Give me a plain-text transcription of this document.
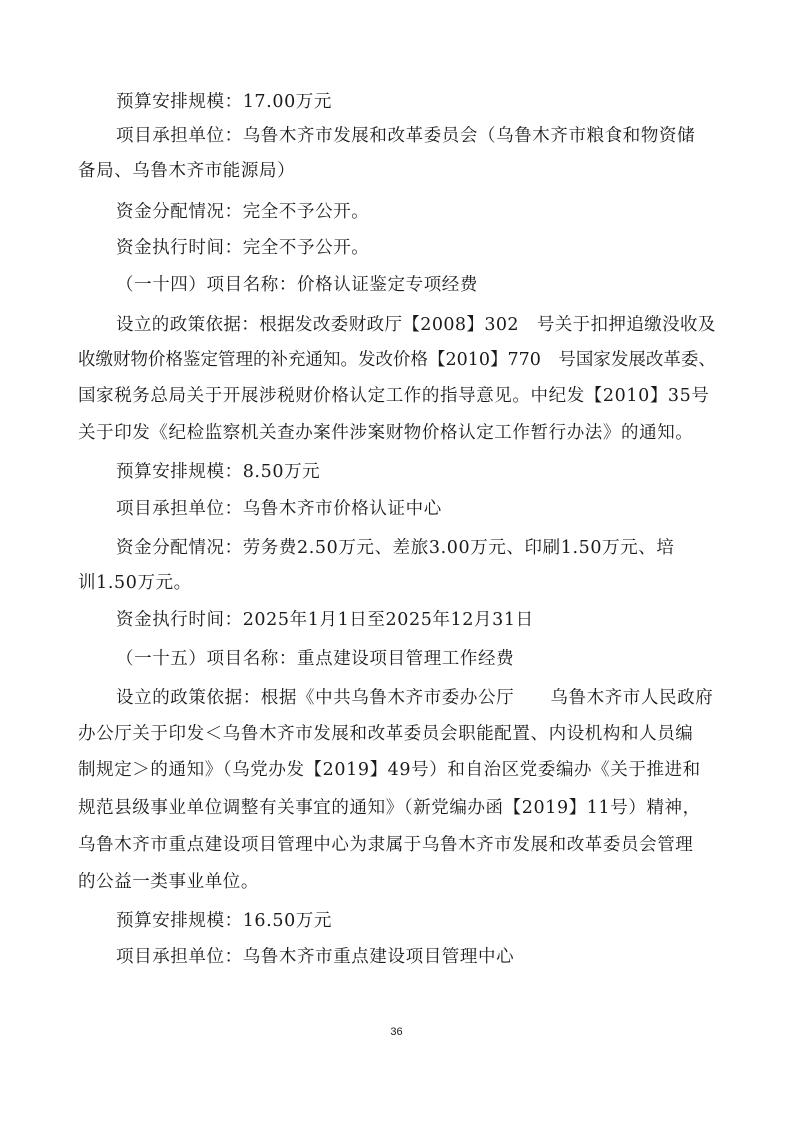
预算安排规模：17.00万元
项目承担单位：乌鲁木齐市发展和改革委员会（乌鲁木齐市粮食和物资储
备局、乌鲁木齐市能源局）
资金分配情况：完全不予公开。
资金执行时间：完全不予公开。
（一十四）项目名称：价格认证鉴定专项经费
设立的政策依据：根据发改委财政厅【2008】302　号关于扣押追缴没收及
收缴财物价格鉴定管理的补充通知。发改价格【2010】770　号国家发展改革委、
国家税务总局关于开展涉税财价格认定工作的指导意见。中纪发【2010】35号
关于印发《纪检监察机关查办案件涉案财物价格认定工作暂行办法》的通知。
预算安排规模：8.50万元
项目承担单位：乌鲁木齐市价格认证中心
资金分配情况：劳务费2.50万元、差旅3.00万元、印刷1.50万元、培
训1.50万元。
资金执行时间：2025年1月1日至2025年12月31日
（一十五）项目名称：重点建设项目管理工作经费
设立的政策依据：根据《中共乌鲁木齐市委办公厅　　乌鲁木齐市人民政府
办公厅关于印发＜乌鲁木齐市发展和改革委员会职能配置、内设机构和人员编
制规定＞的通知》（乌党办发【2019】49号）和自治区党委编办《关于推进和
规范县级事业单位调整有关事宜的通知》（新党编办函【2019】11号）精神，
乌鲁木齐市重点建设项目管理中心为隶属于乌鲁木齐市发展和改革委员会管理
的公益一类事业单位。
预算安排规模：16.50万元
项目承担单位：乌鲁木齐市重点建设项目管理中心
36
